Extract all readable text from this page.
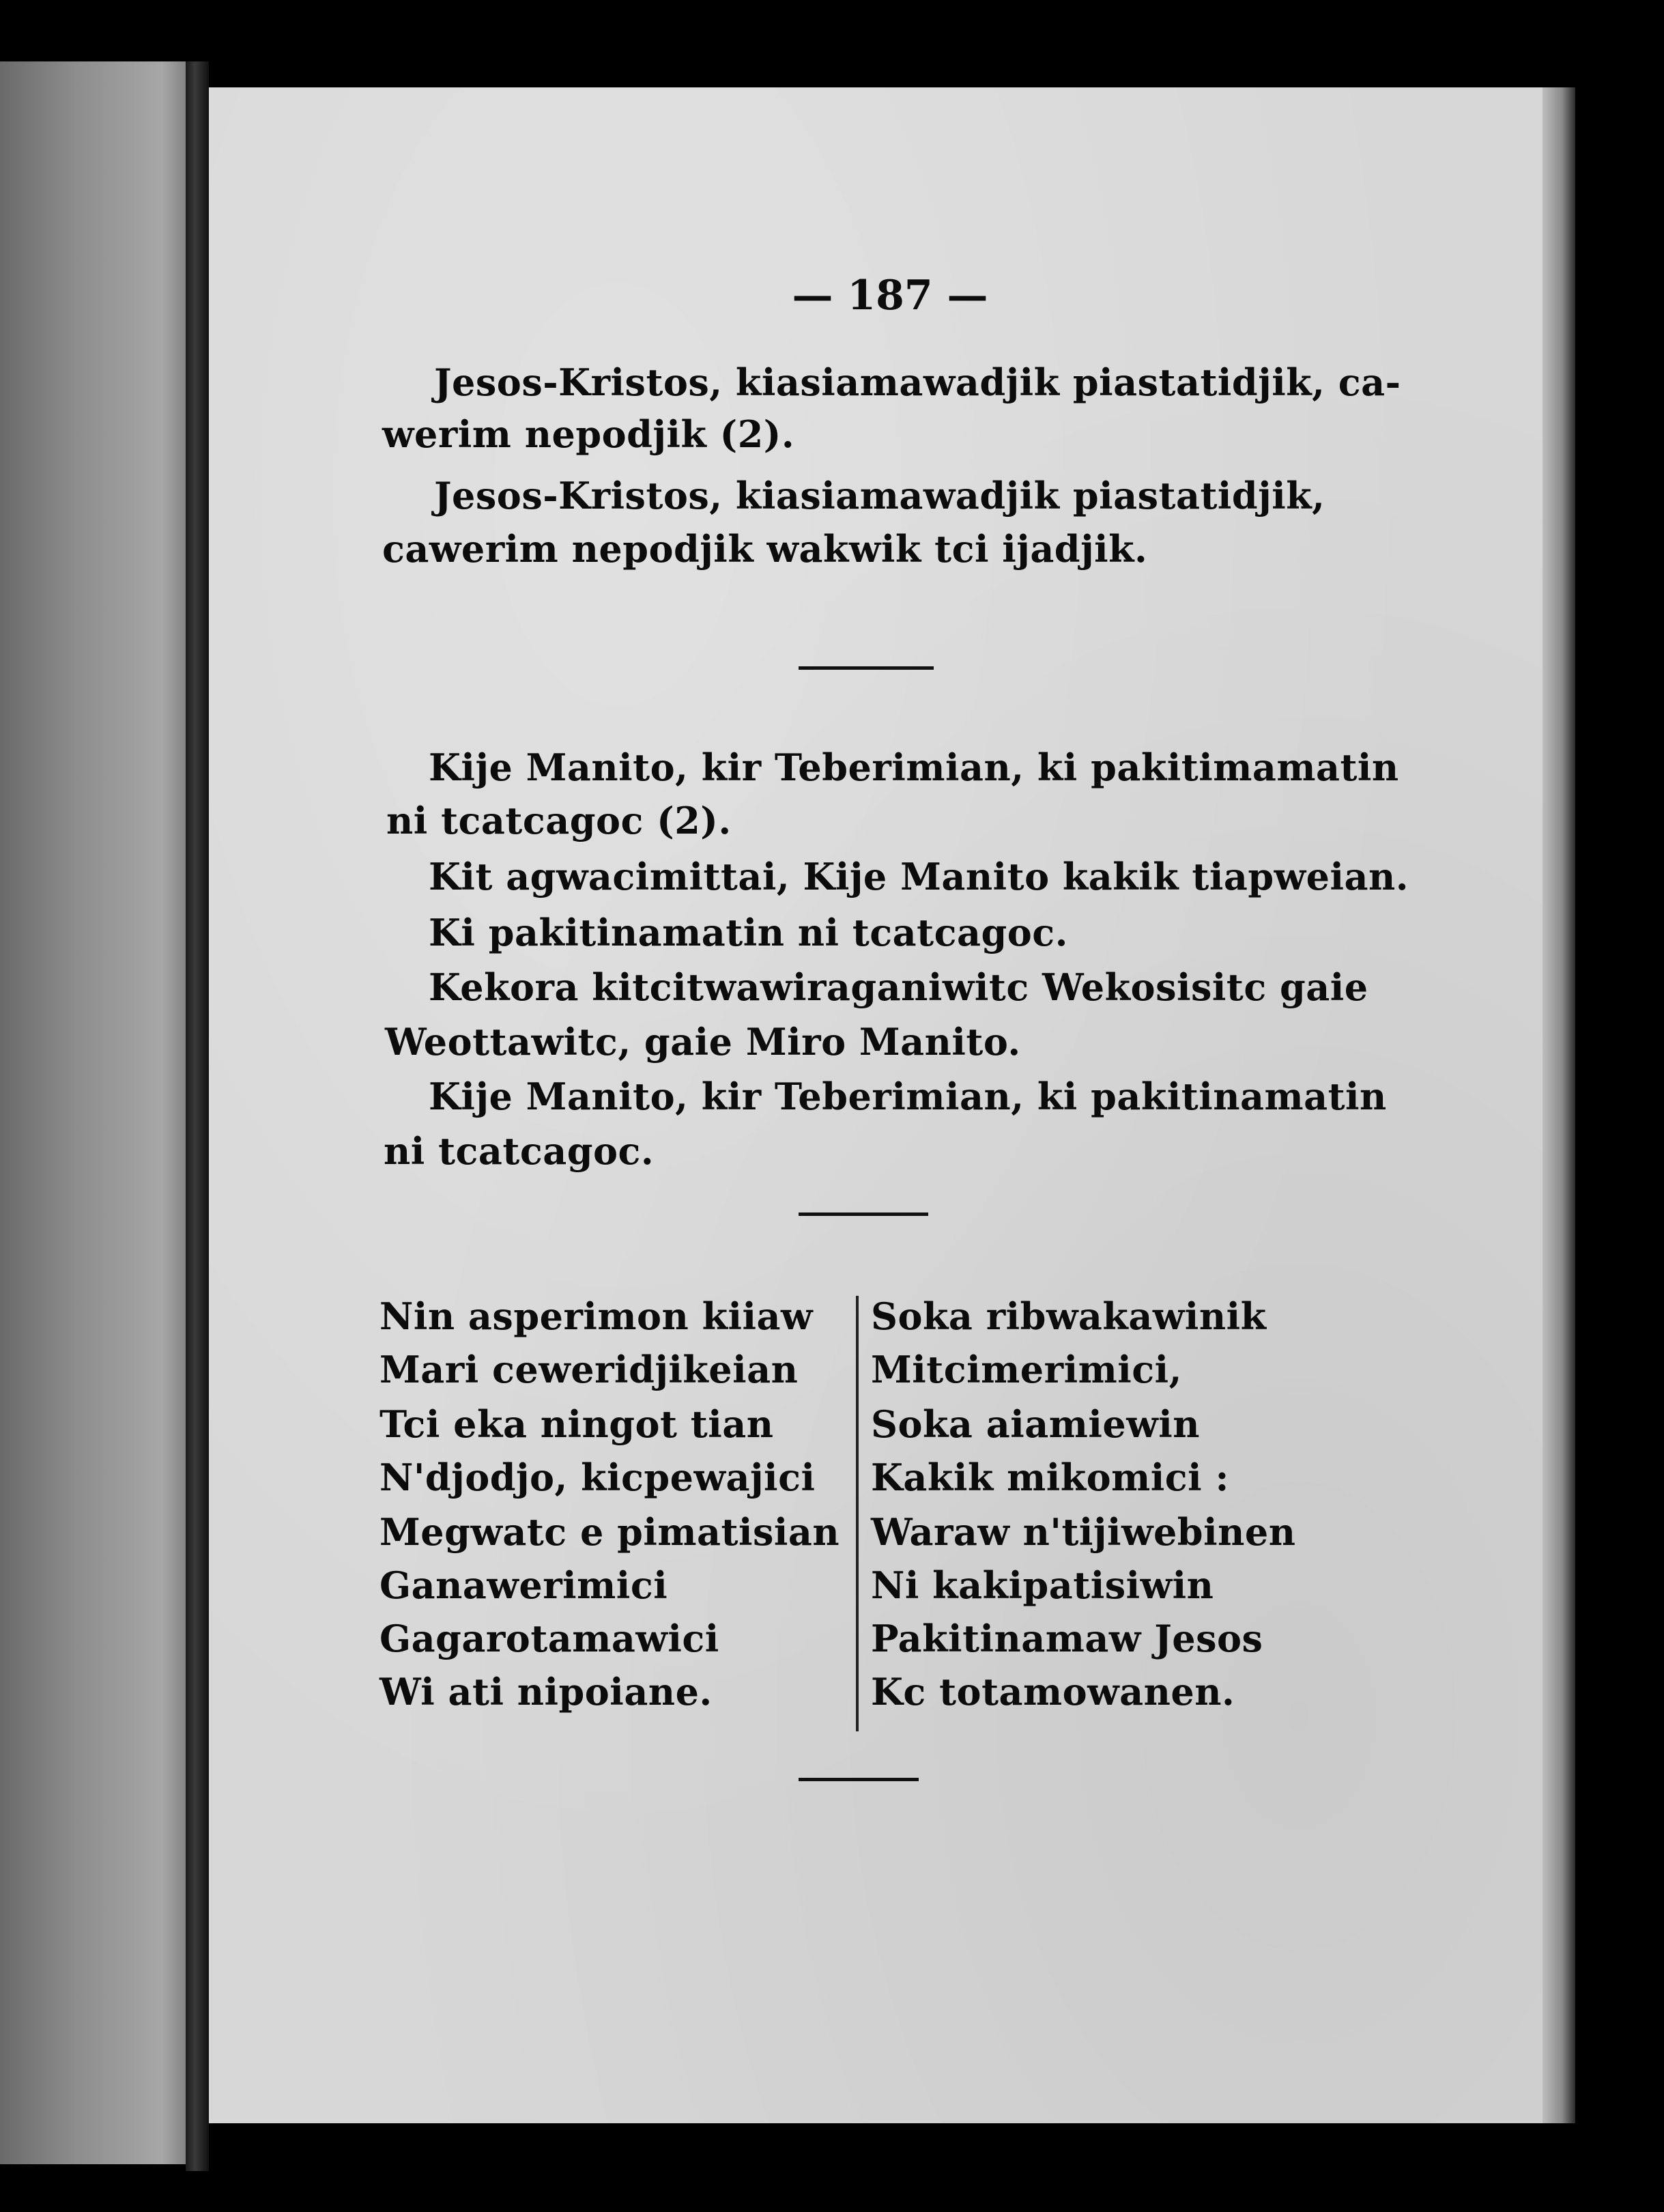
— 187 —
Jesos-Kristos, kiasiamawadjik piastatidjik, ca-
werim nepodjik (2).
Jesos-Kristos, kiasiamawadjik piastatidjik,
cawerim nepodjik wakwik tci ijadjik.
Kije Manito, kir Teberimian, ki pakitimamatin
ni tcatcagoc (2).
Kit agwacimittai, Kije Manito kakik tiapweian.
Ki pakitinamatin ni tcatcagoc.
Kekora kitcitwawiraganiwitc Wekosisitc gaie
Weottawitc, gaie Miro Manito.
Kije Manito, kir Teberimian, ki pakitinamatin
ni tcatcagoc.
Nin asperimon kiiaw
Mari ceweridjikeian
Tci eka ningot tian
N'djodjo, kicpewajici
Megwatc e pimatisian
Ganawerimici
Gagarotamawici
Wi ati nipoiane.
Soka ribwakawinik
Mitcimerimici,
Soka aiamiewin
Kakik mikomici :
Waraw n'tijiwebinen
Ni kakipatisiwin
Pakitinamaw Jesos
Kc totamowanen.
